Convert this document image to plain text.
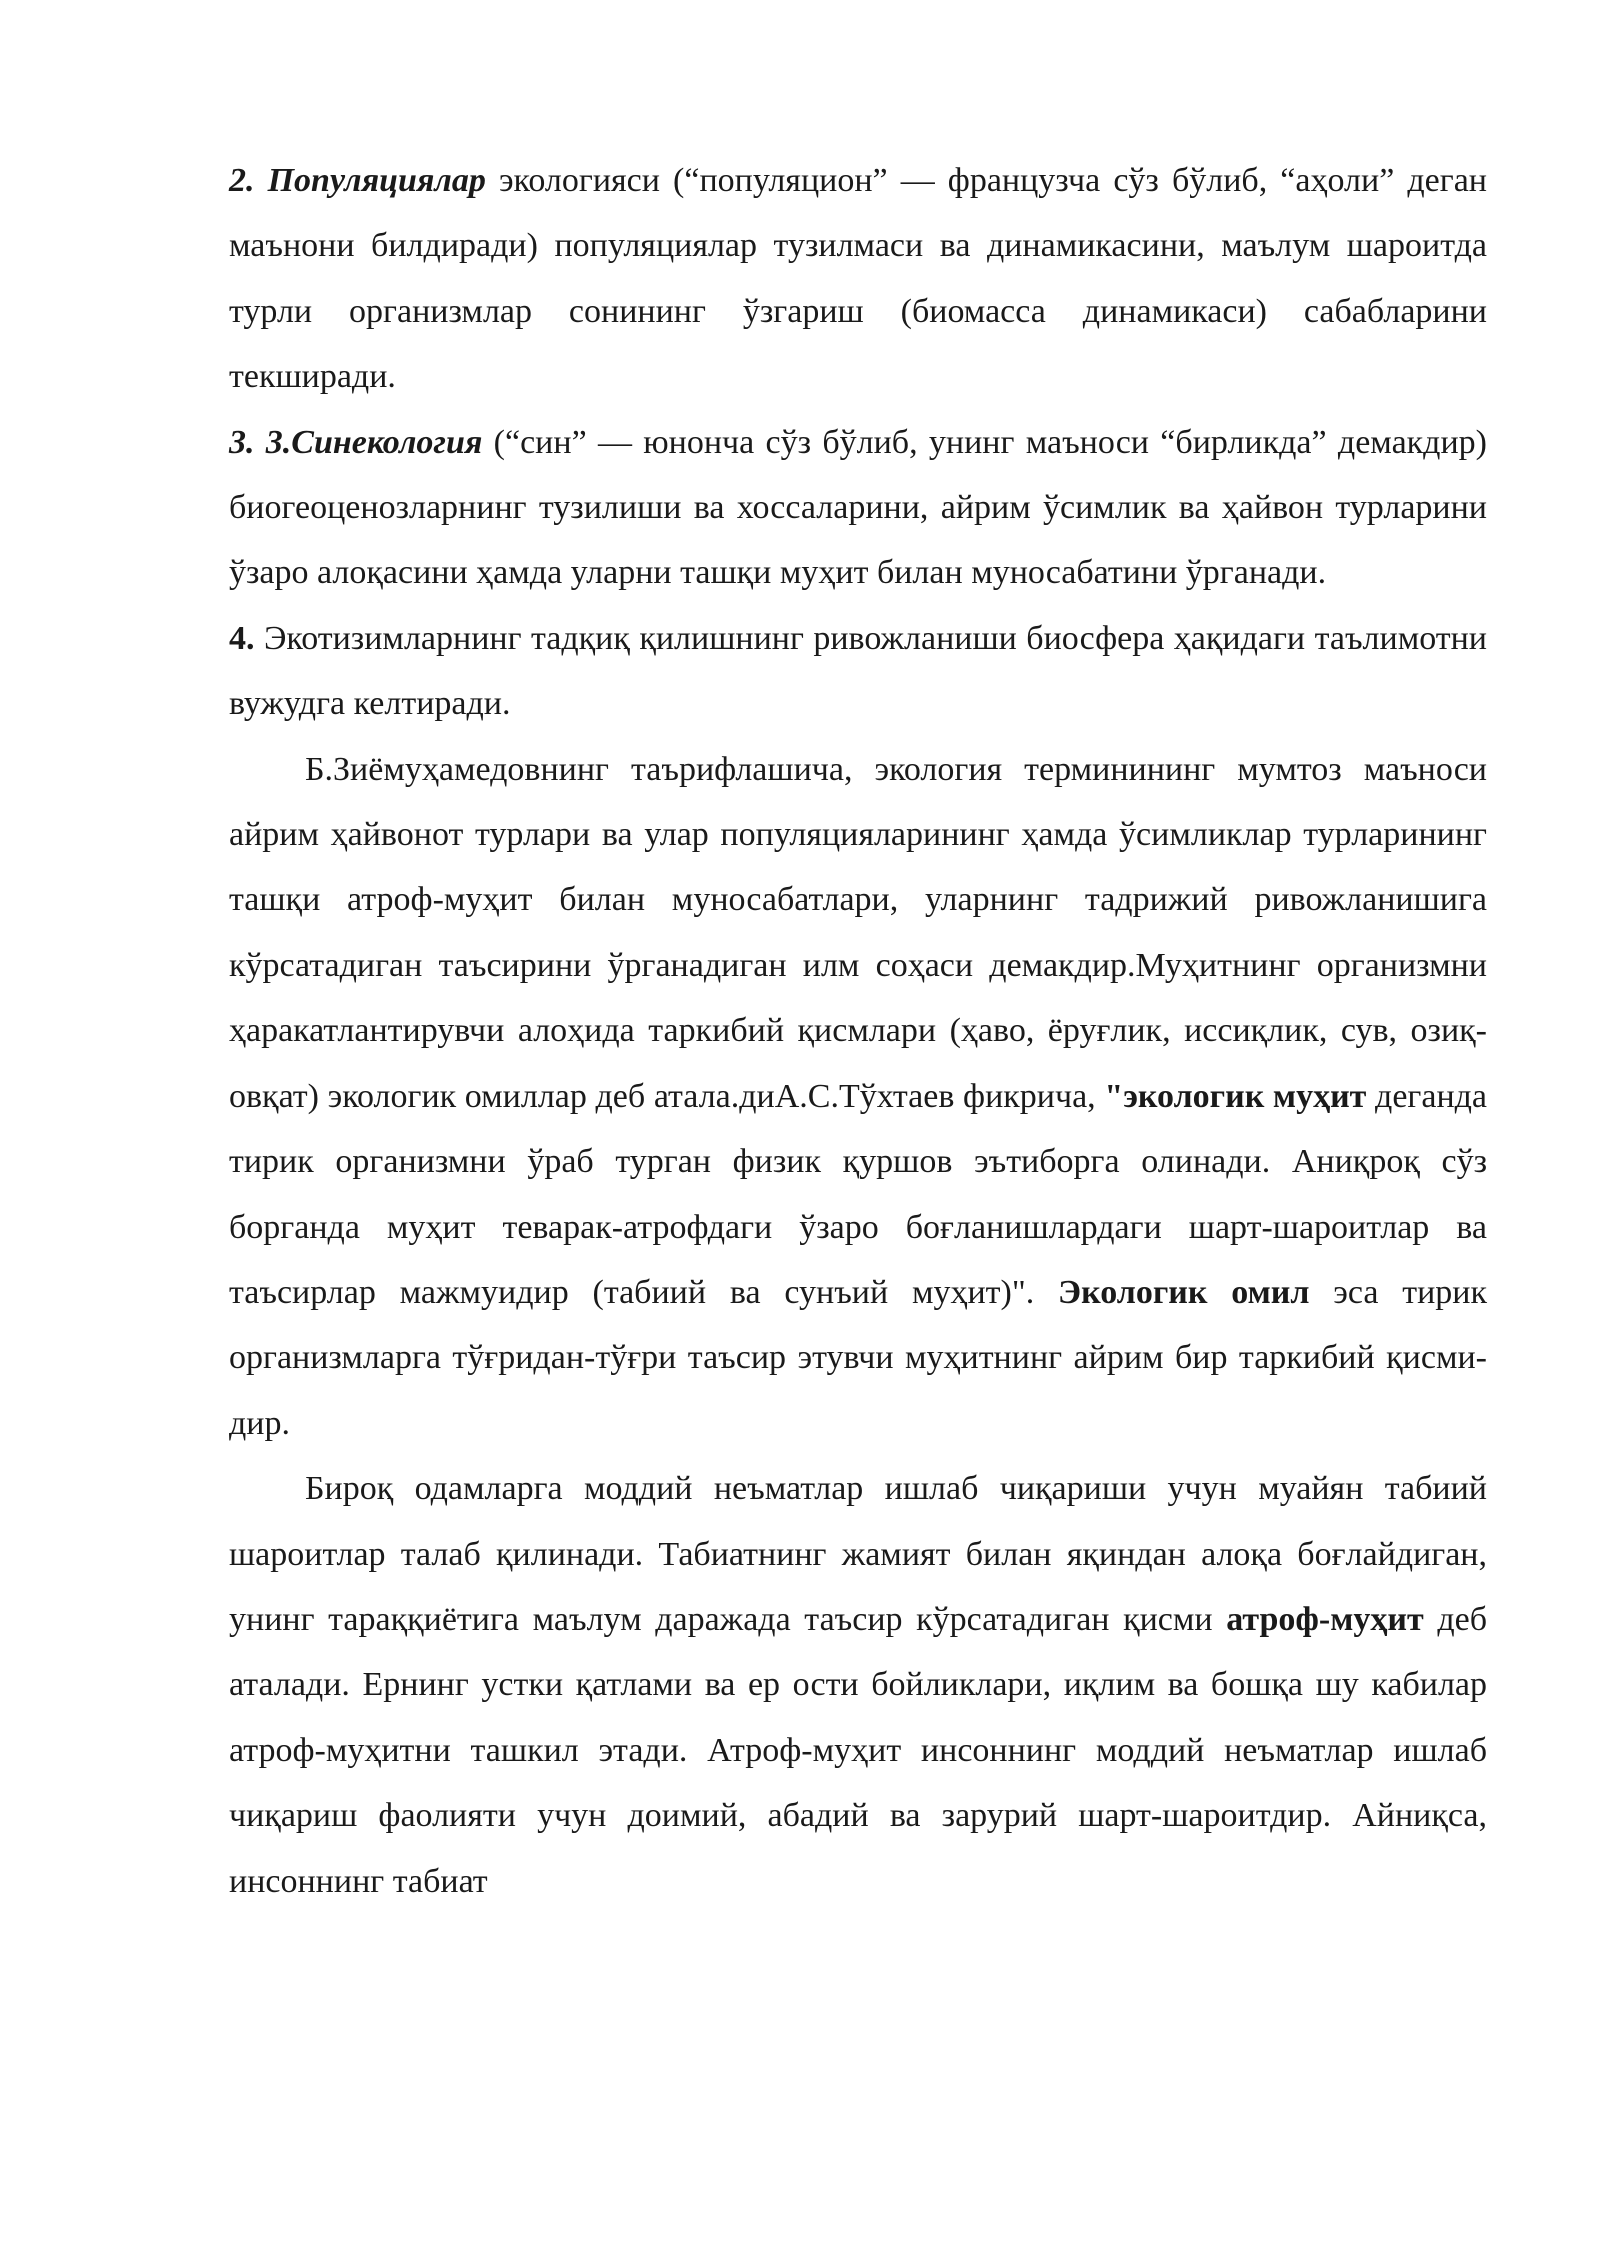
2. Популяциялар экологияси (“популяцион” — французча сўз бўлиб, “аҳоли” деган маънони билдиради) популяциялар тузилмаси ва динамикасини, маълум шароитда турли организмлар сонининг ўзгариш (биомасса динамикаси) сабабларини текширади.

3. 3.Синекология (“син” — юнонча сўз бўлиб, унинг маъноси “бирликда” демакдир) биогеоценозларнинг тузилиши ва хоссаларини, айрим ўсимлик ва ҳайвон турларини ўзаро алоқасини ҳамда уларни ташқи муҳит билан муносабатини ўрганади.

4. Экотизимларнинг тадқиқ қилишнинг ривожланиши биосфера ҳақидаги таълимотни вужудга келтиради.

Б.Зиёмуҳамедовнинг таърифлашича, экология терминининг мумтоз маъноси айрим ҳайвонот турлари ва улар популяцияларининг ҳамда ўсимликлар турларининг ташқи атроф-муҳит билан муносабатлари, уларнинг тадрижий ривожланишига кўрсатадиган таъсирини ўрганадиган илм соҳаси демакдир.Муҳитнинг организмни ҳаракатлантирувчи алоҳида таркибий қисмлари (ҳаво, ёруғлик, иссиқлик, сув, озиқ-овқат) экологик омиллар деб атала.диА.С.Тўхтаев фикрича, "экологик муҳит деганда тирик организмни ўраб турган физик қуршов эътиборга олинади. Аниқроқ сўз борганда муҳит теварак-атрофдаги ўзаро боғланишлардаги шарт-шароитлар ва таъсирлар мажмуидир (табиий ва сунъий муҳит)". Экологик омил эса тирик организмларга тўғридан-тўғри таъсир этувчи муҳитнинг айрим бир таркибий қисми-дир.

Бироқ одамларга моддий неъматлар ишлаб чиқариши учун муайян табиий шароитлар талаб қилинади. Табиатнинг жамият билан яқиндан алоқа боғлайдиган, унинг тараққиётига маълум даражада таъсир кўрсатадиган қисми атроф-муҳит деб аталади. Ернинг устки қатлами ва ер ости бойликлари, иқлим ва бошқа шу кабилар атроф-муҳитни ташкил этади. Атроф-муҳит инсоннинг моддий неъматлар ишлаб чиқариш фаолияти учун доимий, абадий ва зарурий шарт-шароитдир. Айниқса, инсоннинг табиат
